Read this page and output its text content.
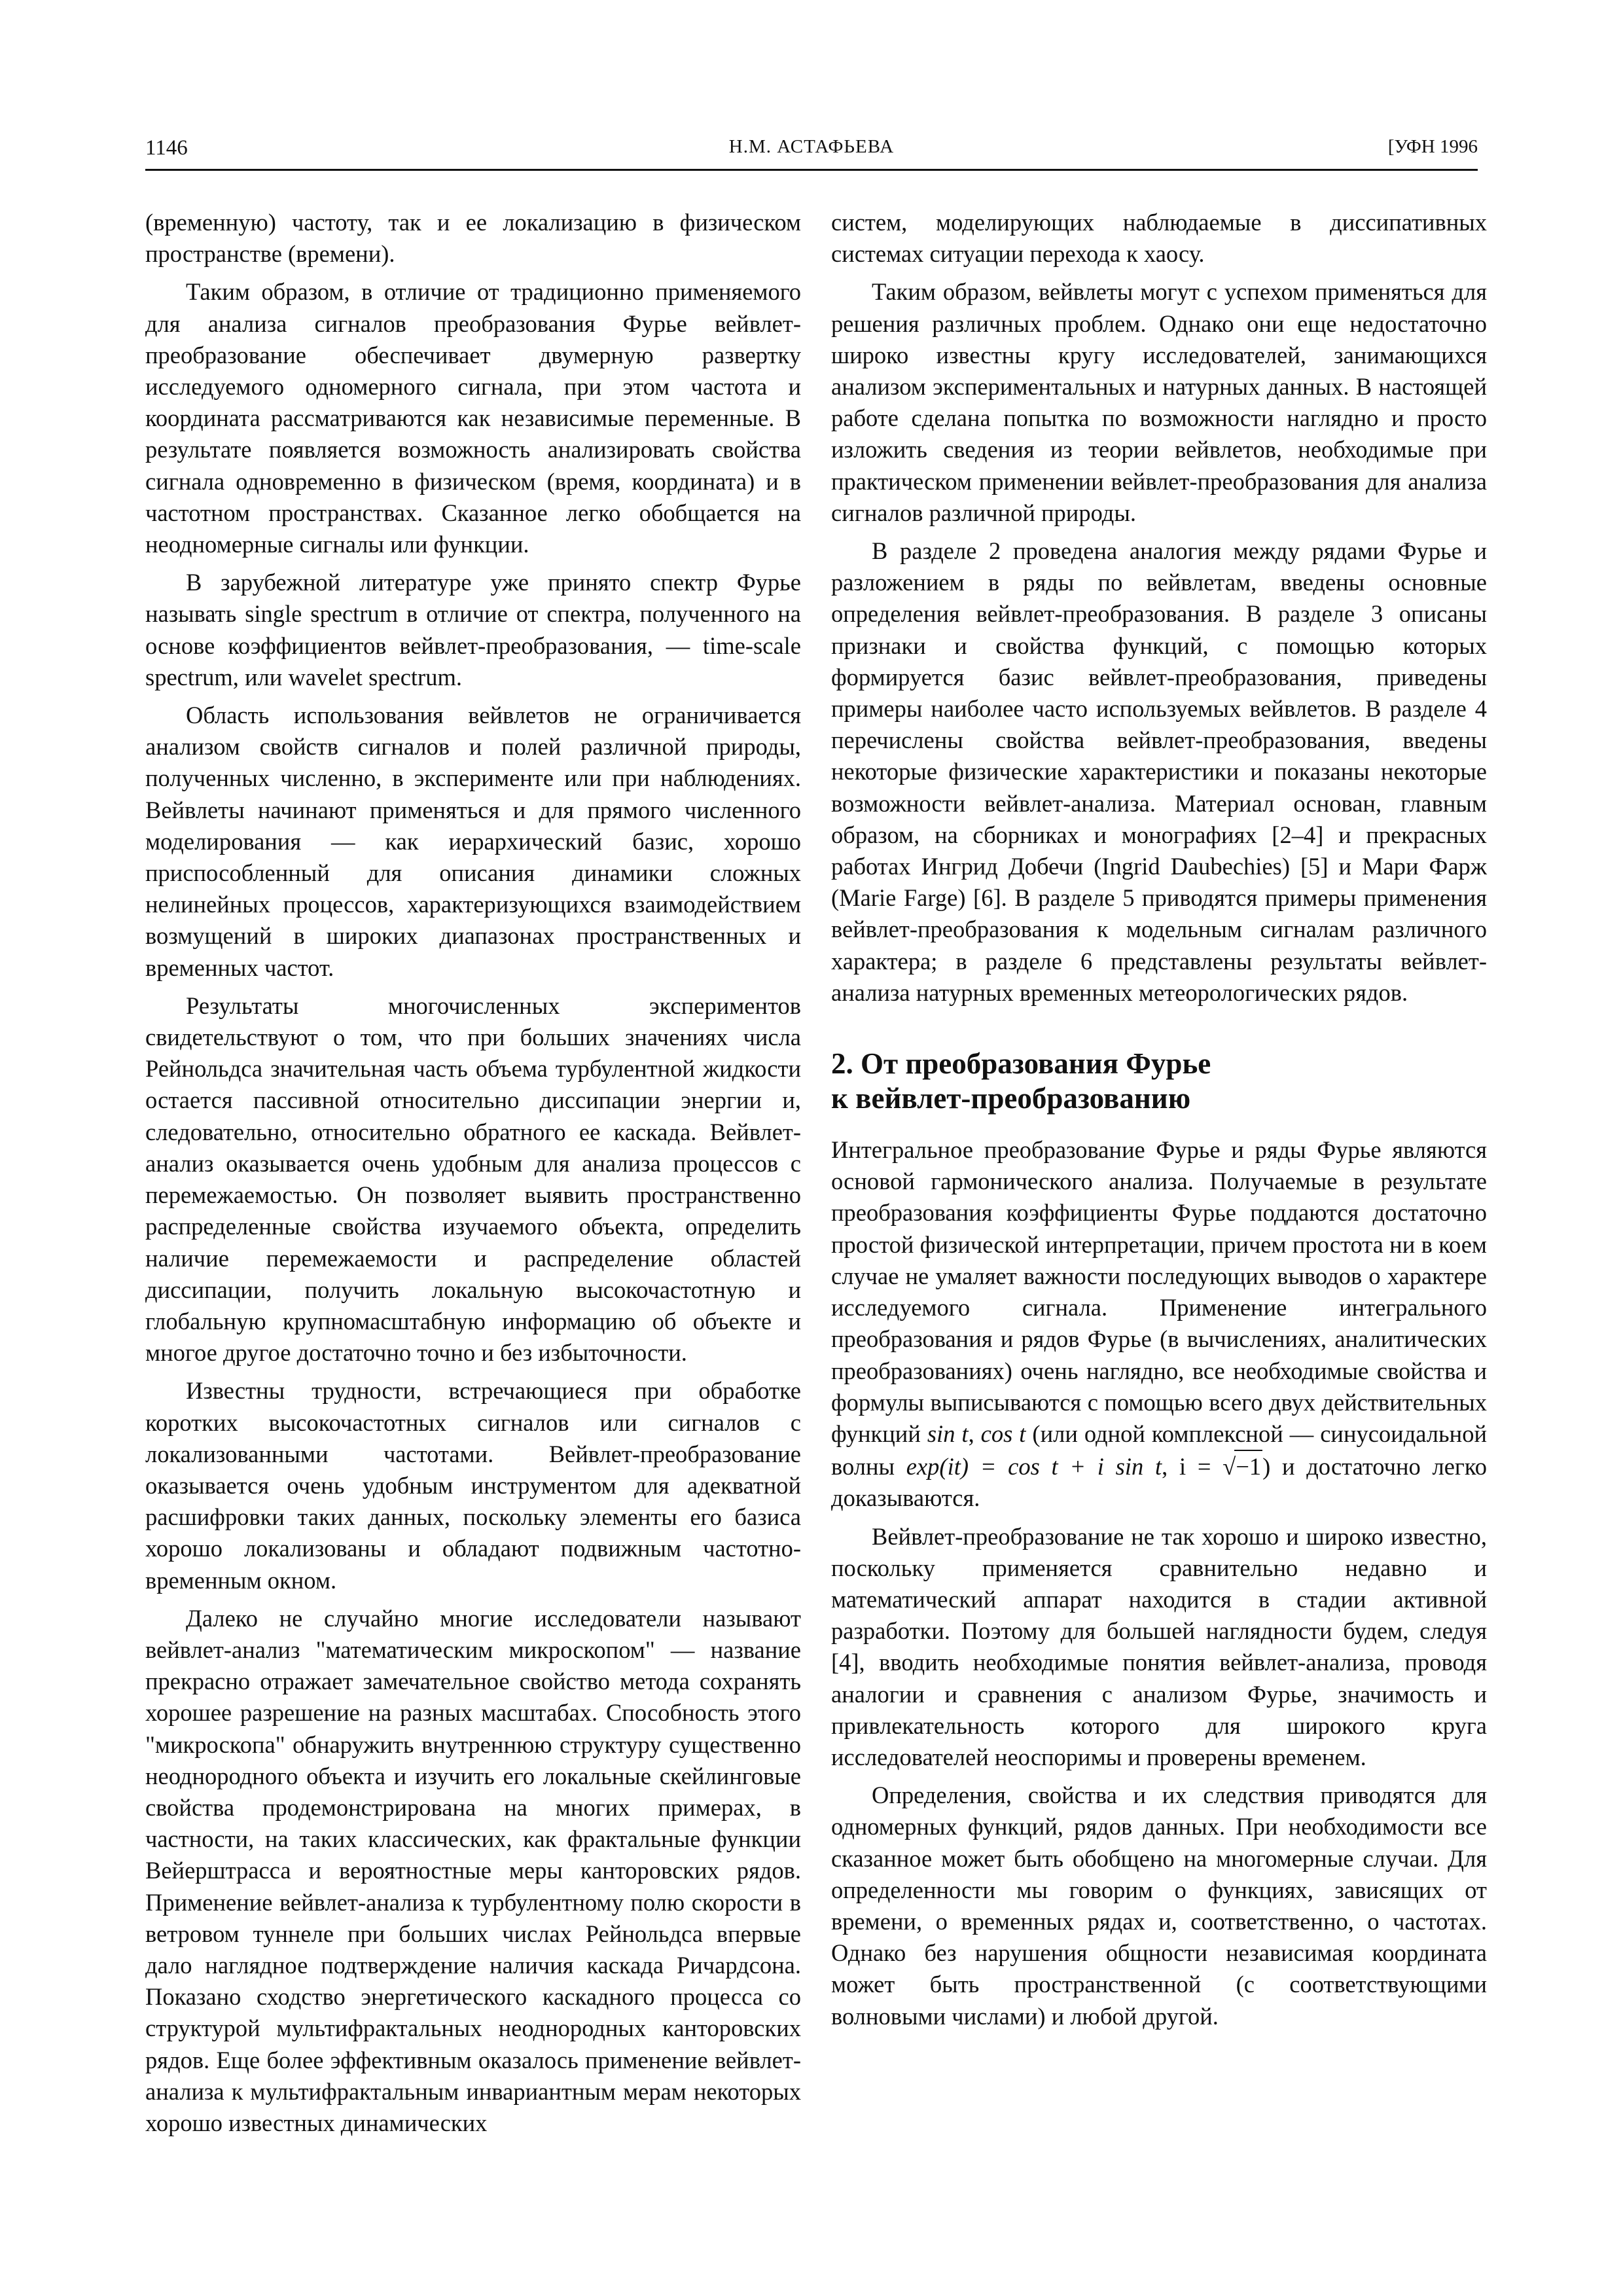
1146	Н.М. АСТАФЬЕВА	[УФН 1996

(временную) частоту, так и ее локализацию в физическом пространстве (времени).

Таким образом, в отличие от традиционно применяемого для анализа сигналов преобразования Фурье вейвлет-преобразование обеспечивает двумерную развертку исследуемого одномерного сигнала, при этом частота и координата рассматриваются как независимые переменные. В результате появляется возможность анализировать свойства сигнала одновременно в физическом (время, координата) и в частотном пространствах. Сказанное легко обобщается на неодномерные сигналы или функции.

В зарубежной литературе уже принято спектр Фурье называть single spectrum в отличие от спектра, полученного на основе коэффициентов вейвлет-преобразования, — time-scale spectrum, или wavelet spectrum.

Область использования вейвлетов не ограничивается анализом свойств сигналов и полей различной природы, полученных численно, в эксперименте или при наблюдениях. Вейвлеты начинают применяться и для прямого численного моделирования — как иерархический базис, хорошо приспособленный для описания динамики сложных нелинейных процессов, характеризующихся взаимодействием возмущений в широких диапазонах пространственных и временных частот.

Результаты многочисленных экспериментов свидетельствуют о том, что при больших значениях числа Рейнольдса значительная часть объема турбулентной жидкости остается пассивной относительно диссипации энергии и, следовательно, относительно обратного ее каскада. Вейвлет-анализ оказывается очень удобным для анализа процессов с перемежаемостью. Он позволяет выявить пространственно распределенные свойства изучаемого объекта, определить наличие перемежаемости и распределение областей диссипации, получить локальную высокочастотную и глобальную крупномасштабную информацию об объекте и многое другое достаточно точно и без избыточности.

Известны трудности, встречающиеся при обработке коротких высокочастотных сигналов или сигналов с локализованными частотами. Вейвлет-преобразование оказывается очень удобным инструментом для адекватной расшифровки таких данных, поскольку элементы его базиса хорошо локализованы и обладают подвижным частотно-временным окном.

Далеко не случайно многие исследователи называют вейвлет-анализ "математическим микроскопом" — название прекрасно отражает замечательное свойство метода сохранять хорошее разрешение на разных масштабах. Способность этого "микроскопа" обнаружить внутреннюю структуру существенно неоднородного объекта и изучить его локальные скейлинговые свойства продемонстрирована на многих примерах, в частности, на таких классических, как фрактальные функции Вейерштрасса и вероятностные меры канторовских рядов. Применение вейвлет-анализа к турбулентному полю скорости в ветровом туннеле при больших числах Рейнольдса впервые дало наглядное подтверждение наличия каскада Ричардсона. Показано сходство энергетического каскадного процесса со структурой мультифрактальных неоднородных канторовских рядов. Еще более эффективным оказалось применение вейвлет-анализа к мультифрактальным инвариантным мерам некоторых хорошо известных динамических

систем, моделирующих наблюдаемые в диссипативных системах ситуации перехода к хаосу.

Таким образом, вейвлеты могут с успехом применяться для решения различных проблем. Однако они еще недостаточно широко известны кругу исследователей, занимающихся анализом экспериментальных и натурных данных. В настоящей работе сделана попытка по возможности наглядно и просто изложить сведения из теории вейвлетов, необходимые при практическом применении вейвлет-преобразования для анализа сигналов различной природы.

В разделе 2 проведена аналогия между рядами Фурье и разложением в ряды по вейвлетам, введены основные определения вейвлет-преобразования. В разделе 3 описаны признаки и свойства функций, с помощью которых формируется базис вейвлет-преобразования, приведены примеры наиболее часто используемых вейвлетов. В разделе 4 перечислены свойства вейвлет-преобразования, введены некоторые физические характеристики и показаны некоторые возможности вейвлет-анализа. Материал основан, главным образом, на сборниках и монографиях [2–4] и прекрасных работах Ингрид Добечи (Ingrid Daubechies) [5] и Мари Фарж (Marie Farge) [6]. В разделе 5 приводятся примеры применения вейвлет-преобразования к модельным сигналам различного характера; в разделе 6 представлены результаты вейвлет-анализа натурных временных метеорологических рядов.

2. От преобразования Фурье
к вейвлет-преобразованию

Интегральное преобразование Фурье и ряды Фурье являются основой гармонического анализа. Получаемые в результате преобразования коэффициенты Фурье поддаются достаточно простой физической интерпретации, причем простота ни в коем случае не умаляет важности последующих выводов о характере исследуемого сигнала. Применение интегрального преобразования и рядов Фурье (в вычислениях, аналитических преобразованиях) очень наглядно, все необходимые свойства и формулы выписываются с помощью всего двух действительных функций sin t, cos t (или одной комплексной — синусоидальной волны exp(it) = cos t + i sin t, i = √−1) и достаточно легко доказываются.

Вейвлет-преобразование не так хорошо и широко известно, поскольку применяется сравнительно недавно и математический аппарат находится в стадии активной разработки. Поэтому для большей наглядности будем, следуя [4], вводить необходимые понятия вейвлет-анализа, проводя аналогии и сравнения с анализом Фурье, значимость и привлекательность которого для широкого круга исследователей неоспоримы и проверены временем.

Определения, свойства и их следствия приводятся для одномерных функций, рядов данных. При необходимости все сказанное может быть обобщено на многомерные случаи. Для определенности мы говорим о функциях, зависящих от времени, о временных рядах и, соответственно, о частотах. Однако без нарушения общности независимая координата может быть пространственной (с соответствующими волновыми числами) и любой другой.
